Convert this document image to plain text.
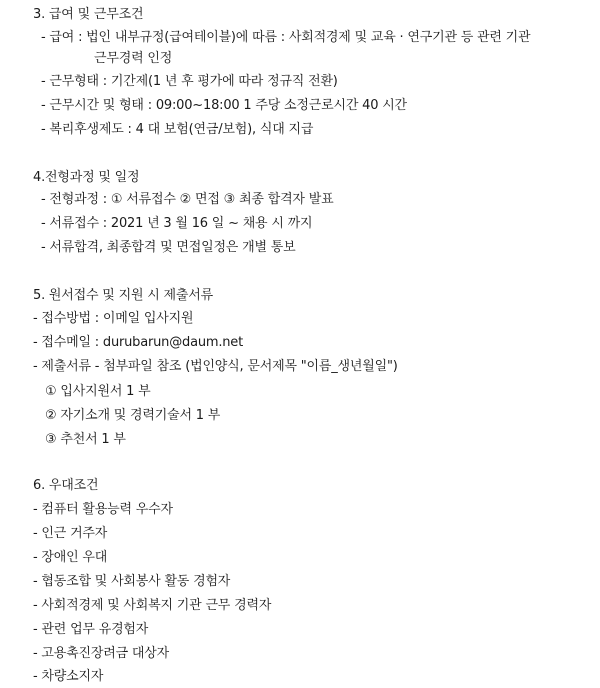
3. 급여 및 근무조건
- 급여 : 법인 내부규정(급여테이블)에 따름 : 사회적경제 및 교육 · 연구기관 등 관련 기관
근무경력 인정
- 근무형태 : 기간제(1 년 후 평가에 따라 정규직 전환)
- 근무시간 및 형태 : 09:00~18:00 1 주당 소정근로시간 40 시간
- 복리후생제도 : 4 대 보험(연금/보험), 식대 지급
4.전형과정 및 일정
- 전형과정 : ① 서류접수 ② 면접 ③ 최종 합격자 발표
- 서류접수 : 2021 년 3 월 16 일 ~ 채용 시 까지
- 서류합격, 최종합격 및 면접일정은 개별 통보
5. 원서접수 및 지원 시 제출서류
- 접수방법 : 이메일 입사지원
- 접수메일 : durubarun@daum.net
- 제출서류 - 첨부파일 참조 (법인양식, 문서제목 "이름_생년월일")
① 입사지원서 1 부
② 자기소개 및 경력기술서 1 부
③ 추천서 1 부
6. 우대조건
- 컴퓨터 활용능력 우수자
- 인근 거주자
- 장애인 우대
- 협동조합 및 사회봉사 활동 경험자
- 사회적경제 및 사회복지 기관 근무 경력자
- 관련 업무 유경험자
- 고용촉진장려금 대상자
- 차량소지자
